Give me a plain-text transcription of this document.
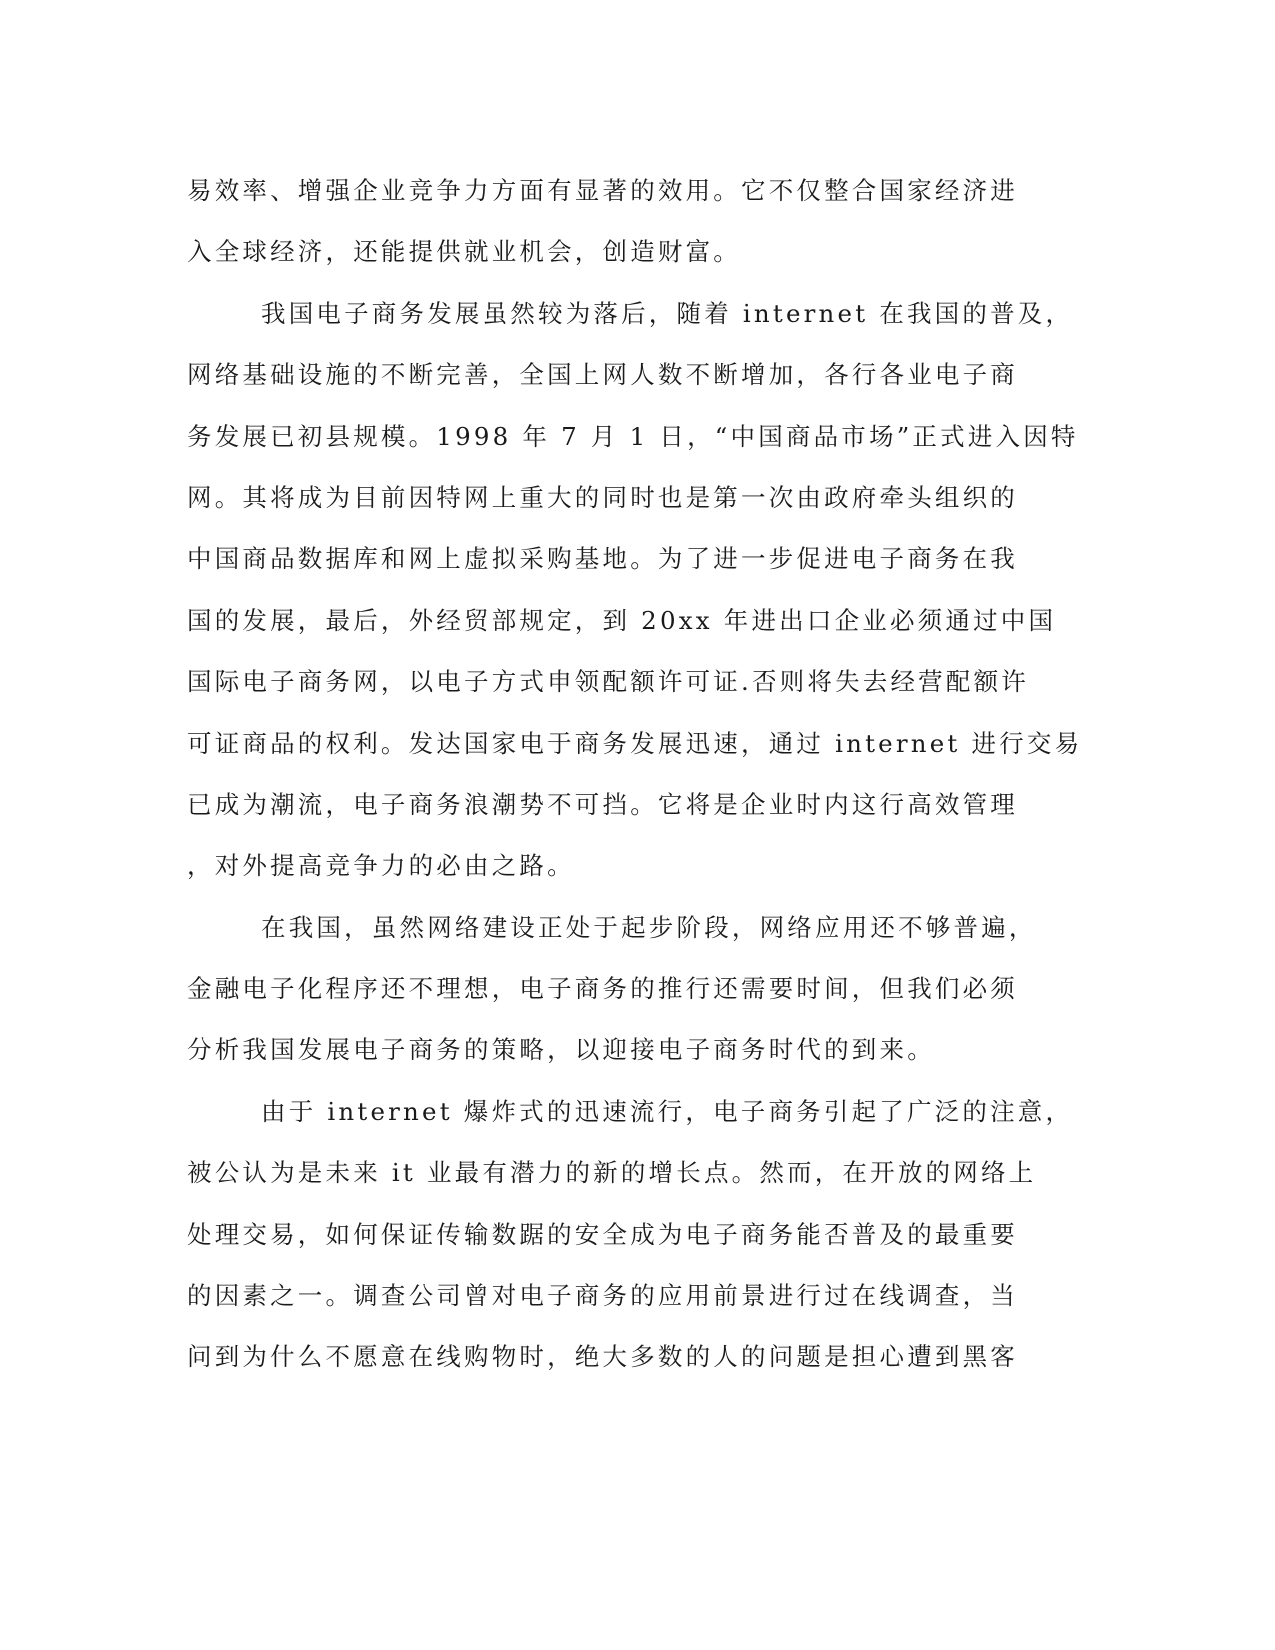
易效率、增强企业竞争力方面有显著的效用。它不仅整合国家经济进
入全球经济，还能提供就业机会，创造财富。
我国电子商务发展虽然较为落后，随着 internet 在我国的普及，
网络基础设施的不断完善，全国上网人数不断增加，各行各业电子商
务发展已初县规模。1998 年 7 月 1 日，“中国商品市场”正式进入因特
网。其将成为目前因特网上重大的同时也是第一次由政府牵头组织的
中国商品数据库和网上虚拟采购基地。为了进一步促进电子商务在我
国的发展，最后，外经贸部规定，到 20xx 年进出口企业必须通过中国
国际电子商务网，以电子方式申领配额许可证.否则将失去经营配额许
可证商品的权利。发达国家电于商务发展迅速，通过 internet 进行交易
已成为潮流，电子商务浪潮势不可挡。它将是企业时内这行高效管理
，对外提高竞争力的必由之路。
在我国，虽然网络建设正处于起步阶段，网络应用还不够普遍，
金融电子化程序还不理想，电子商务的推行还需要时间，但我们必须
分析我国发展电子商务的策略，以迎接电子商务时代的到来。
由于 internet 爆炸式的迅速流行，电子商务引起了广泛的注意，
被公认为是未来 it 业最有潜力的新的增长点。然而，在开放的网络上
处理交易，如何保证传输数踞的安全成为电子商务能否普及的最重要
的因素之一。调查公司曾对电子商务的应用前景进行过在线调查，当
问到为什么不愿意在线购物时，绝大多数的人的问题是担心遭到黑客
